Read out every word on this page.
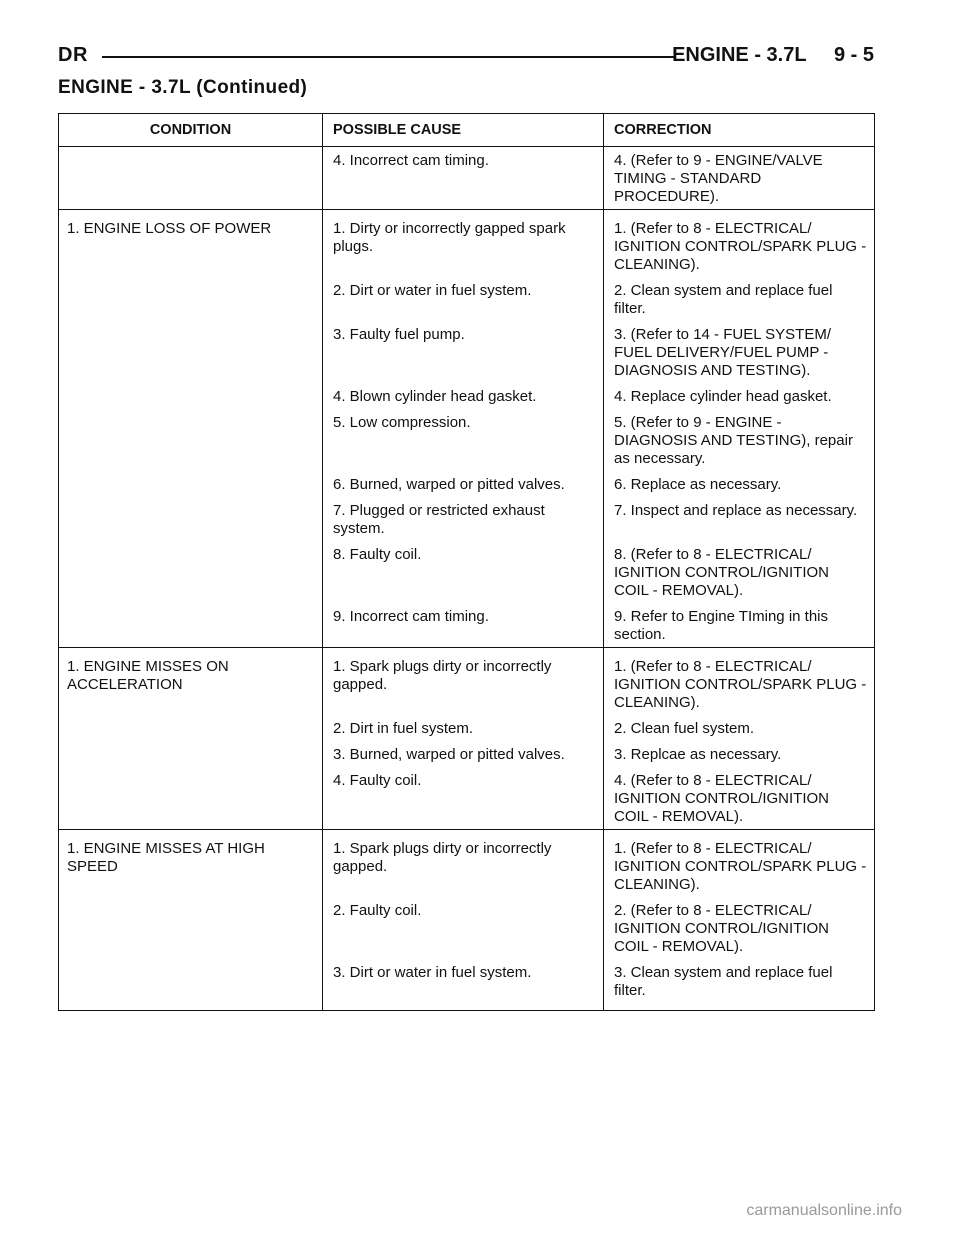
DR	ENGINE - 3.7L     9 - 5
ENGINE - 3.7L (Continued)
CONDITION	POSSIBLE CAUSE	CORRECTION
	4. Incorrect cam timing.	4. (Refer to 9 - ENGINE/VALVE TIMING - STANDARD PROCEDURE).
1. ENGINE LOSS OF POWER	1. Dirty or incorrectly gapped spark plugs.	1. (Refer to 8 - ELECTRICAL/ IGNITION CONTROL/SPARK PLUG - CLEANING).
	2. Dirt or water in fuel system.	2. Clean system and replace fuel filter.
	3. Faulty fuel pump.	3. (Refer to 14 - FUEL SYSTEM/ FUEL DELIVERY/FUEL PUMP - DIAGNOSIS AND TESTING).
	4. Blown cylinder head gasket.	4. Replace cylinder head gasket.
	5. Low compression.	5. (Refer to 9 - ENGINE - DIAGNOSIS AND TESTING), repair as necessary.
	6. Burned, warped or pitted valves.	6. Replace as necessary.
	7. Plugged or restricted exhaust system.	7. Inspect and replace as necessary.
	8. Faulty coil.	8. (Refer to 8 - ELECTRICAL/ IGNITION CONTROL/IGNITION COIL - REMOVAL).
	9. Incorrect cam timing.	9. Refer to Engine TIming in this section.
1. ENGINE MISSES ON ACCELERATION	1. Spark plugs dirty or incorrectly gapped.	1. (Refer to 8 - ELECTRICAL/ IGNITION CONTROL/SPARK PLUG - CLEANING).
	2. Dirt in fuel system.	2. Clean fuel system.
	3. Burned, warped or pitted valves.	3. Replcae as necessary.
	4. Faulty coil.	4. (Refer to 8 - ELECTRICAL/ IGNITION CONTROL/IGNITION COIL - REMOVAL).
1. ENGINE MISSES AT HIGH SPEED	1. Spark plugs dirty or incorrectly gapped.	1. (Refer to 8 - ELECTRICAL/ IGNITION CONTROL/SPARK PLUG - CLEANING).
	2. Faulty coil.	2. (Refer to 8 - ELECTRICAL/ IGNITION CONTROL/IGNITION COIL - REMOVAL).
	3. Dirt or water in fuel system.	3. Clean system and replace fuel filter.
carmanualsonline.info
